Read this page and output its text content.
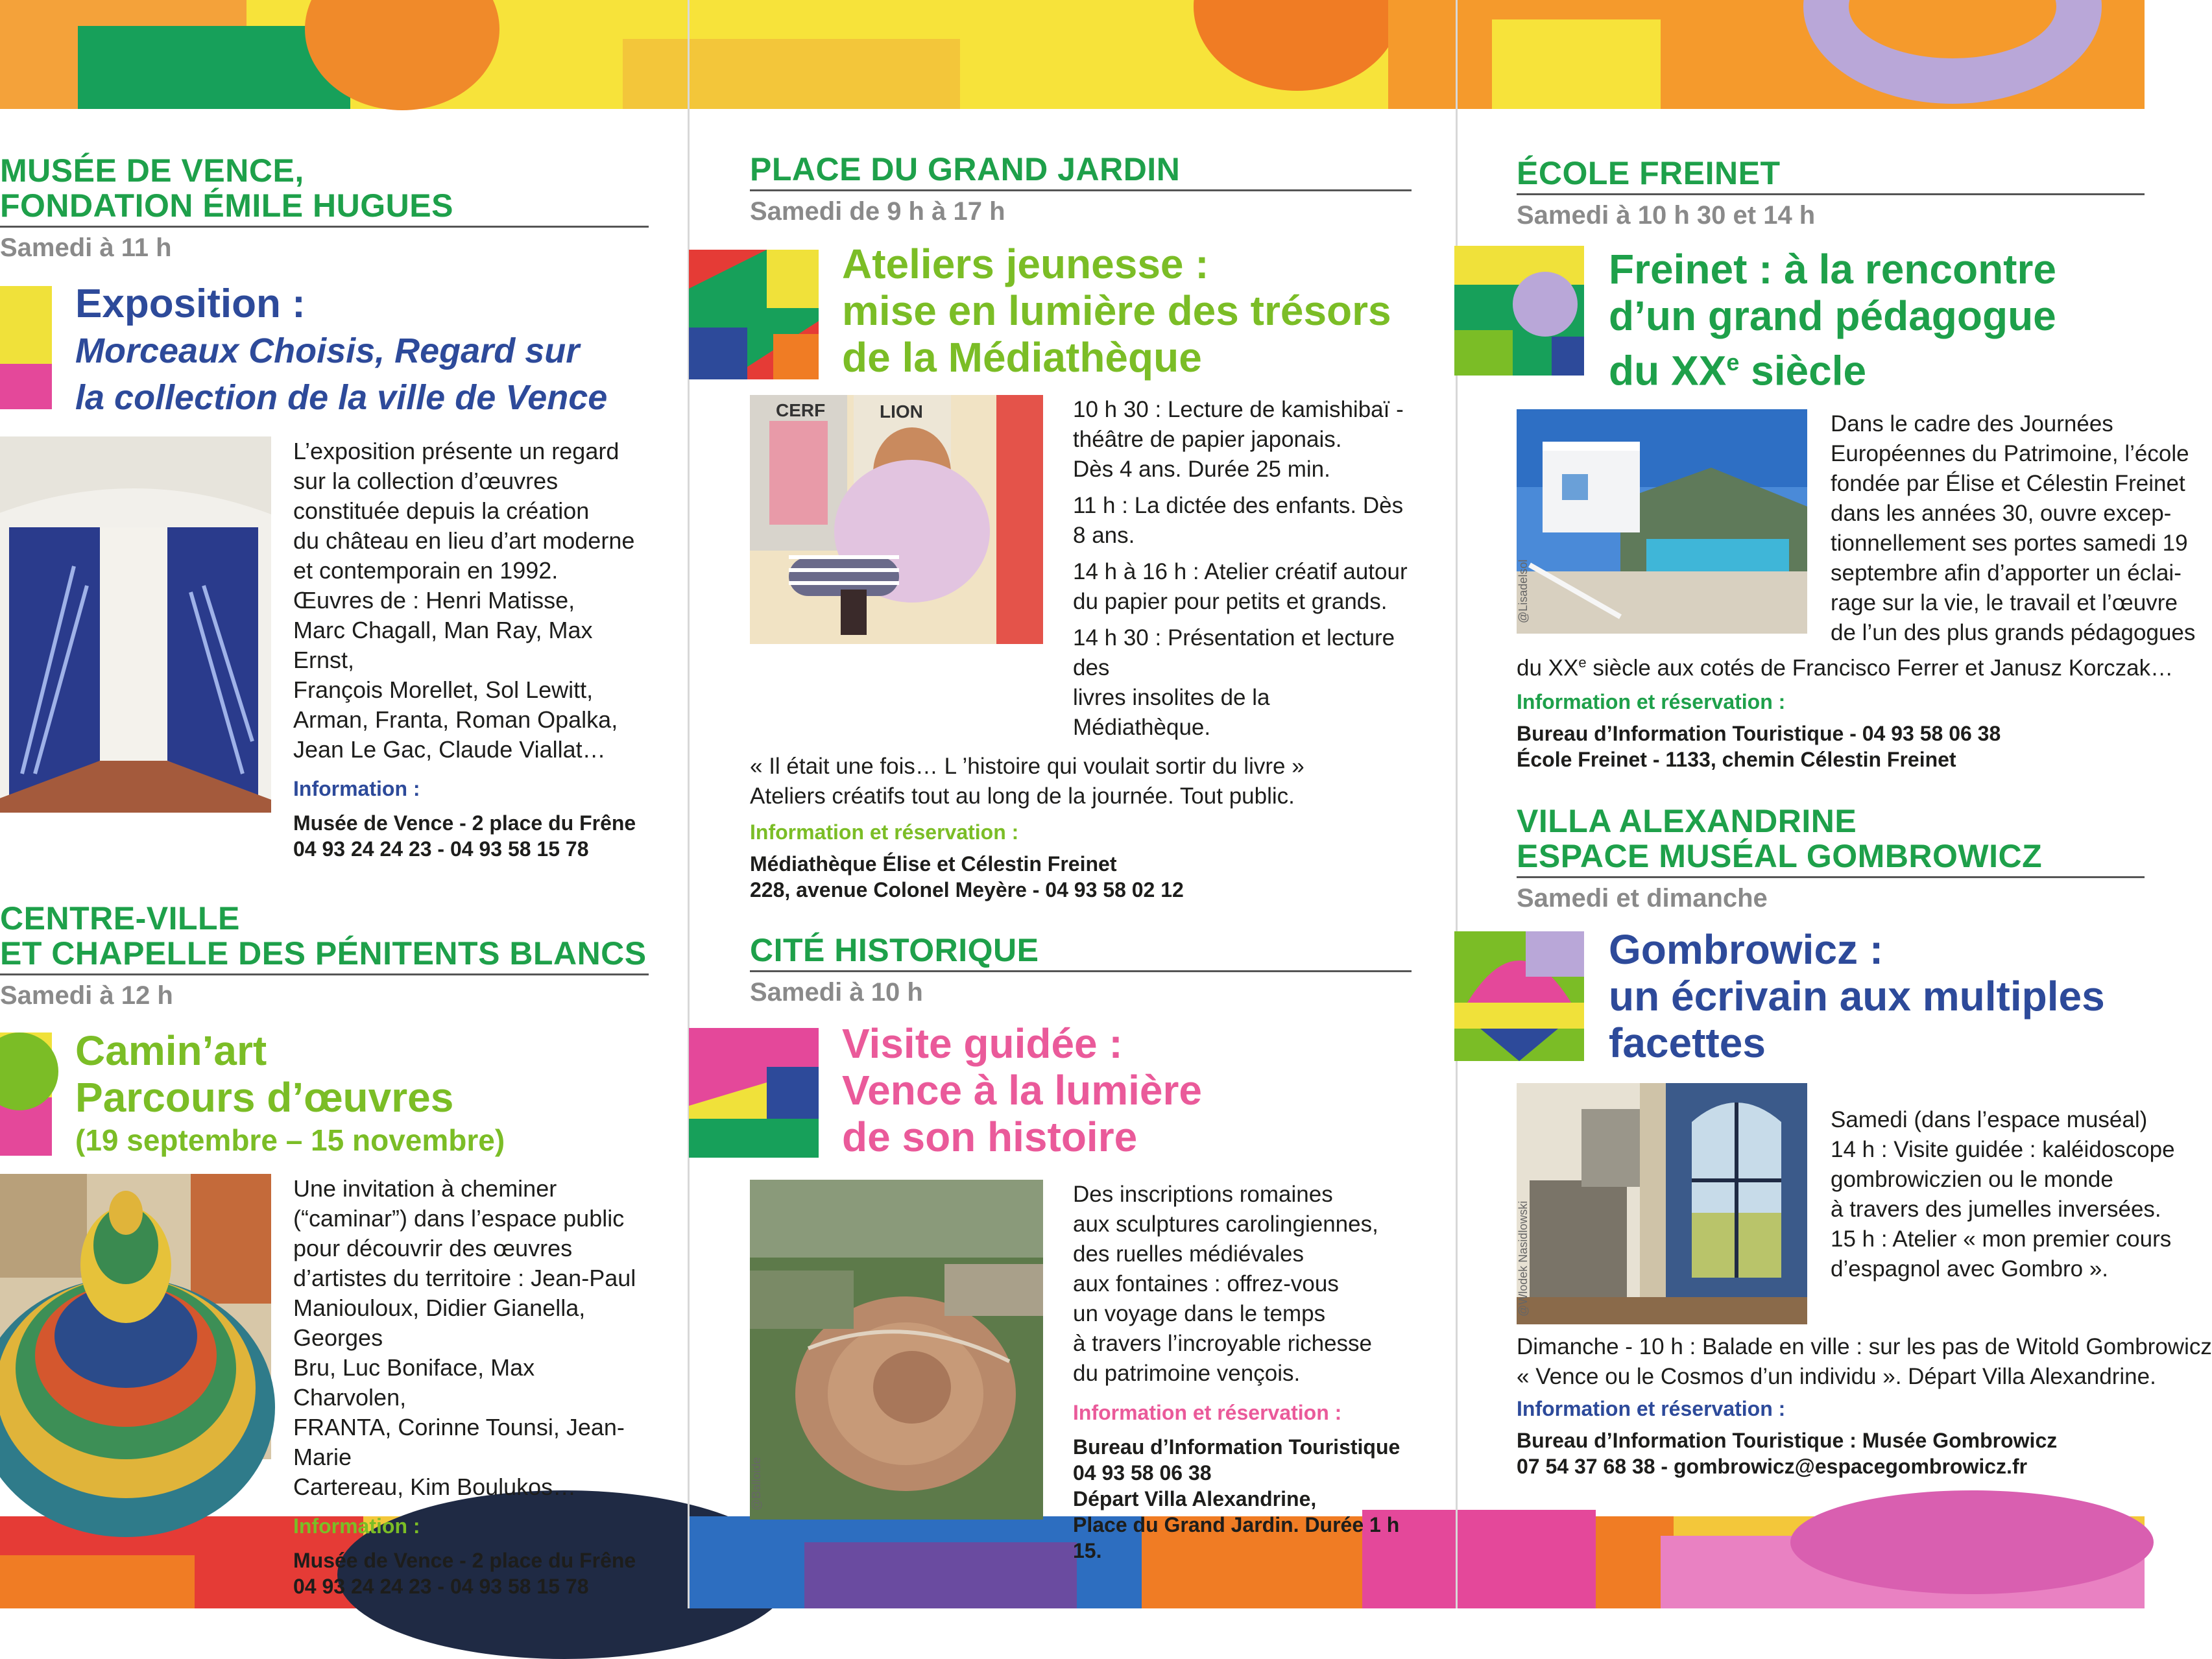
MUSÉE DE VENCE,
FONDATION ÉMILE HUGUES
Samedi à 11 h
Exposition :
Morceaux Choisis, Regard sur
la collection de la ville de Vence

L’exposition présente un regard

sur la collection d’œuvres

constituée depuis la création

du château en lieu d’art moderne

et contemporain en 1992.

Œuvres de : Henri Matisse,

Marc Chagall, Man Ray, Max Ernst,

François Morellet, Sol Lewitt,

Arman, Franta, Roman Opalka,

Jean Le Gac, Claude Viallat…

Information :
Musée de Vence - 2 place du Frêne
04 93 24 24 23 - 04 93 58 15 78
CENTRE-VILLE
ET CHAPELLE DES PÉNITENTS BLANCS
Samedi à 12 h
Camin’art
Parcours d’œuvres
(19 septembre – 15 novembre)

Une invitation à cheminer

(“caminar”) dans l’espace public

pour découvrir des œuvres

d’artistes du territoire : Jean-Paul

Maniouloux, Didier Gianella, Georges

Bru, Luc Boniface, Max Charvolen,

FRANTA, Corinne Tounsi, Jean-Marie

Cartereau, Kim Boulukos…

Information :
Musée de Vence - 2 place du Frêne
04 93 24 24 23 - 04 93 58 15 78
PLACE DU GRAND JARDIN
Samedi de 9 h à 17 h
Ateliers jeunesse :
mise en lumière des trésors
de la Médiathèque
CERF	LION	10 h 30 : Lecture de kamishibaï -

théâtre de papier japonais.

Dès 4 ans. Durée 25 min.

11 h : La dictée des enfants. Dès 8 ans.

14 h à 16 h : Atelier créatif autour

du papier pour petits et grands.

14 h 30 : Présentation et lecture des

livres insolites de la Médiathèque.

« Il était une fois… L ’histoire qui voulait sortir du livre »
Ateliers créatifs tout au long de la journée. Tout public.
Information et réservation :
Médiathèque Élise et Célestin Freinet
228, avenue Colonel Meyère - 04 93 58 02 12
CITÉ HISTORIQUE
Samedi à 10 h
Visite guidée :
Vence à la lumière
de son histoire
@Balloide

Des inscriptions romaines

aux sculptures carolingiennes,

des ruelles médiévales

aux fontaines : offrez-vous

un voyage dans le temps

à travers l’incroyable richesse

du patrimoine vençois.

Information et réservation :
Bureau d’Information Touristique
04 93 58 06 38
Départ Villa Alexandrine,
Place du Grand Jardin. Durée 1 h 15.
ÉCOLE FREINET
Samedi à 10 h 30 et 14 h
Freinet : à la rencontre
d’un grand pédagogue
du XXe siècle
@Lisadelsol

Dans le cadre des Journées

Européennes du Patrimoine, l’école

fondée par Élise et Célestin Freinet

dans les années 30, ouvre excep-

tionnellement ses portes samedi 19

septembre afin d’apporter un éclai-

rage sur la vie, le travail et l’œuvre

de l’un des plus grands pédagogues

du XXe siècle aux cotés de Francisco Ferrer et Janusz Korczak…
Information et réservation :
Bureau d’Information Touristique - 04 93 58 06 38
École Freinet - 1133, chemin Célestin Freinet
VILLA ALEXANDRINE
ESPACE MUSÉAL GOMBROWICZ
Samedi et dimanche
Gombrowicz :
un écrivain aux multiples
facettes
@Wlodek Nasidlowski

Samedi (dans l’espace muséal)

14 h : Visite guidée : kaléidoscope

gombrowiczien ou le monde

à travers des jumelles inversées.

15 h : Atelier « mon premier cours

d’espagnol avec Gombro ».

Dimanche - 10 h : Balade en ville : sur les pas de Witold Gombrowicz
« Vence ou le Cosmos d’un individu ». Départ Villa Alexandrine.
Information et réservation :
Bureau d’Information Touristique : Musée Gombrowicz
07 54 37 68 38 - gombrowicz@espacegombrowicz.fr
